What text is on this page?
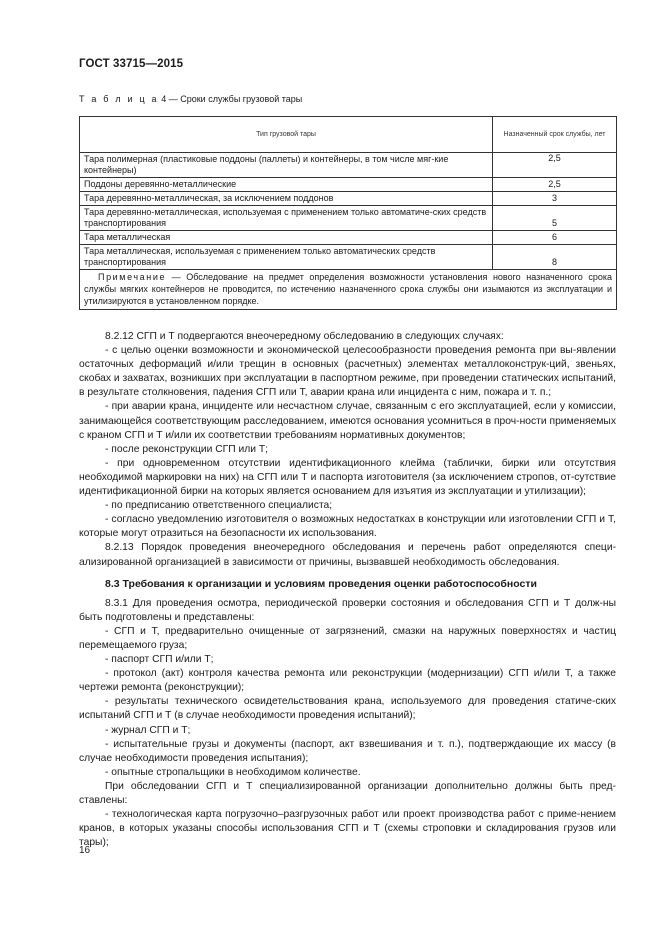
ГОСТ 33715—2015
Т а б л и ц а 4 — Сроки службы грузовой тары
Тип грузовой тары	Назначенный срок службы, лет
Тара полимерная (пластиковые поддоны (паллеты) и контейнеры, в том числе мяг-кие контейнеры)	2,5
Поддоны деревянно-металлические	2,5
Тара деревянно-металлическая, за исключением поддонов	3
Тара деревянно-металлическая, используемая с применением только автоматиче-ских средств транспортирования	5
Тара металлическая	6
Тара металлическая, используемая с применением только автоматических средств транспортирования	8
Примечание — Обследование на предмет определения возможности установления нового назначенного срока службы мягких контейнеров не проводится, по истечению назначенного срока службы они изымаются из эксплуатации и утилизируются в установленном порядке.	

8.2.12 СГП и Т подвергаются внеочередному обследованию в следующих случаях:

- с целью оценки возможности и экономической целесообразности проведения ремонта при вы-явлении остаточных деформаций и/или трещин в основных (расчетных) элементах металлоконструк-ций, звеньях, скобах и захватах, возникших при эксплуатации в паспортном режиме, при проведении статических испытаний, в результате столкновения, падения СГП или Т, аварии крана или инцидента с ним, пожара и т. п.;

- при аварии крана, инциденте или несчастном случае, связанным с его эксплуатацией, если у комиссии, занимающейся соответствующим расследованием, имеются основания усомниться в проч-ности применяемых с краном СГП и Т и/или их соответствии требованиям нормативных документов;

- после реконструкции СГП или Т;

- при одновременном отсутствии идентификационного клейма (таблички, бирки или отсутствия необходимой маркировки на них) на СГП или Т и паспорта изготовителя (за исключением стропов, от-сутствие идентификационной бирки на которых является основанием для изъятия из эксплуатации и утилизации);

- по предписанию ответственного специалиста;

- согласно уведомлению изготовителя о возможных недостатках в конструкции или изготовлении СГП и Т, которые могут отразиться на безопасности их использования.

8.2.13 Порядок проведения внеочередного обследования и перечень работ определяются специ-ализированной организацией в зависимости от причины, вызвавшей необходимость обследования.

8.3 Требования к организации и условиям проведения оценки работоспособности

8.3.1 Для проведения осмотра, периодической проверки состояния и обследования СГП и Т долж-ны быть подготовлены и представлены:

- СГП и Т, предварительно очищенные от загрязнений, смазки на наружных поверхностях и частиц перемещаемого груза;

- паспорт СГП и/или Т;

- протокол (акт) контроля качества ремонта или реконструкции (модернизации) СГП и/или Т, а также чертежи ремонта (реконструкции);

- результаты технического освидетельствования крана, используемого для проведения статиче-ских испытаний СГП и Т (в случае необходимости проведения испытаний);

- журнал СГП и Т;

- испытательные грузы и документы (паспорт, акт взвешивания и т. п.), подтверждающие их массу (в случае необходимости проведения испытания);

- опытные стропальщики в необходимом количестве.

При обследовании СГП и Т специализированной организации дополнительно должны быть пред-ставлены:

- технологическая карта погрузочно–разгрузочных работ или проект производства работ с приме-нением кранов, в которых указаны способы использования СГП и Т (схемы строповки и складирования грузов или тары);

16
